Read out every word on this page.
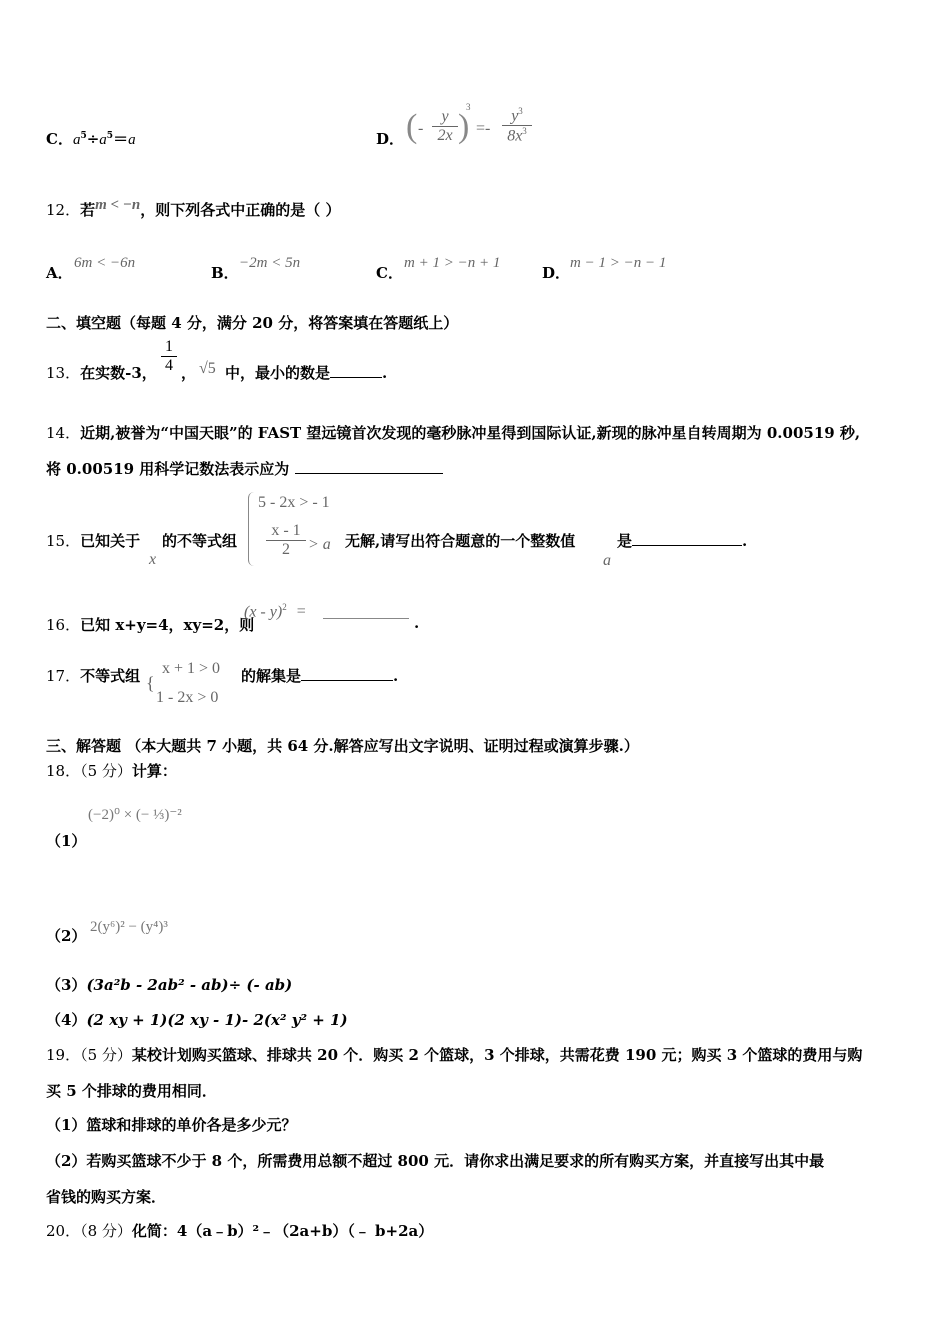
C．$a^5\div a^5=a$	D． ( - $\frac{y}{2x}$ )
3
=- $\frac{y^3}{8x^3}$
12．若m < −n，则下列各式中正确的是（ ）
A．
6m < −6n
B．
−2m < 5n
C．
m + 1 > −n + 1
D．
m − 1 > −n − 1
二、填空题（每题 4 分，满分 20 分，将答案填在答题纸上）
13．在实数-3， $\frac{1}{4}$ ， √5 中，最小的数是	.
14．近期,被誉为“中国天眼”的 FAST 望远镜首次发现的毫秒脉冲星得到国际认证,新现的脉冲星自转周期为 0.00519 秒,
将 0.00519 用科学记数法表示应为
15．已知关于
x
的不等式组
5 - 2x > - 1
$\frac{x - 1}{2} > a$ 无解,请写出符合题意的一个整数值
a
是	.
16．已知 x+y=4，xy=2，则
(x - y)$^2$ =
.
17．不等式组 {
x + 1 > 0
1 - 2x > 0
的解集是	.
三、解答题 （本大题共 7 小题，共 64 分.解答应写出文字说明、证明过程或演算步骤.）
18．（5 分）计算：
(−2)⁰ × (− ⅓)⁻²
（1）
2(y⁶)² − (y⁴)³
（2）
（3）(3a²b - 2ab² - ab)÷ (- ab)
（4）(2 xy + 1)(2 xy - 1)- 2(x² y² + 1)
19．（5 分）某校计划购买篮球、排球共 20 个．购买 2 个篮球，3 个排球，共需花费 190 元；购买 3 个篮球的费用与购
买 5 个排球的费用相同．
（1）篮球和排球的单价各是多少元？
（2）若购买篮球不少于 8 个，所需费用总额不超过 800 元．请你求出满足要求的所有购买方案，并直接写出其中最
省钱的购买方案．
20．（8 分）化简：4（a﹣b）²﹣（2a+b）（﹣ b+2a）
